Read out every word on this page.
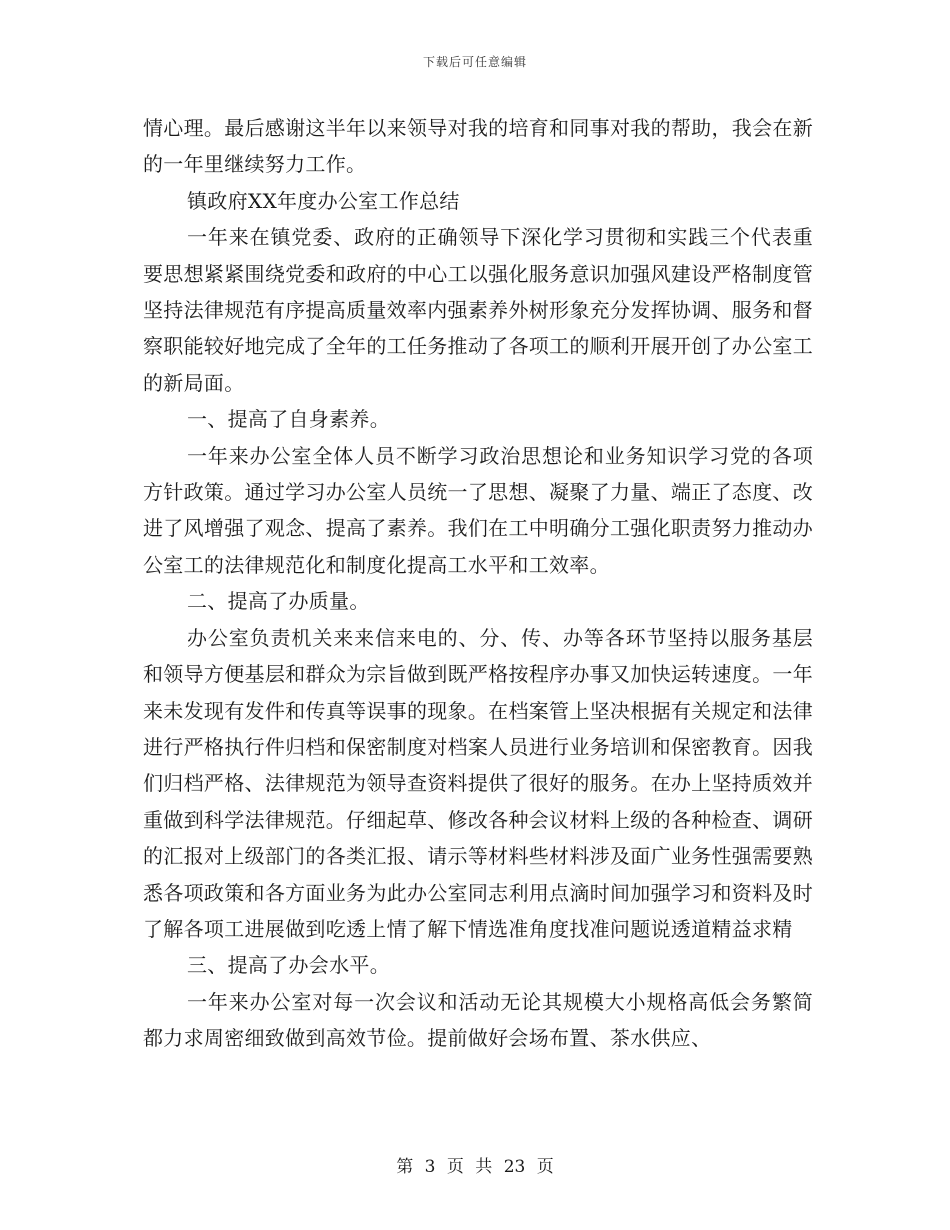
下载后可任意编辑

情心理。最后感谢这半年以来领导对我的培育和同事对我的帮助，我会在新的一年里继续努力工作。

镇政府XX年度办公室工作总结

一年来在镇党委、政府的正确领导下深化学习贯彻和实践三个代表重要思想紧紧围绕党委和政府的中心工以强化服务意识加强风建设严格制度管坚持法律规范有序提高质量效率内强素养外树形象充分发挥协调、服务和督察职能较好地完成了全年的工任务推动了各项工的顺利开展开创了办公室工的新局面。

一、提高了自身素养。

一年来办公室全体人员不断学习政治思想论和业务知识学习党的各项方针政策。通过学习办公室人员统一了思想、凝聚了力量、端正了态度、改进了风增强了观念、提高了素养。我们在工中明确分工强化职责努力推动办公室工的法律规范化和制度化提高工水平和工效率。

二、提高了办质量。

办公室负责机关来来信来电的、分、传、办等各环节坚持以服务基层和领导方便基层和群众为宗旨做到既严格按程序办事又加快运转速度。一年来未发现有发件和传真等误事的现象。在档案管上坚决根据有关规定和法律进行严格执行件归档和保密制度对档案人员进行业务培训和保密教育。因我们归档严格、法律规范为领导查资料提供了很好的服务。在办上坚持质效并重做到科学法律规范。仔细起草、修改各种会议材料上级的各种检查、调研的汇报对上级部门的各类汇报、请示等材料些材料涉及面广业务性强需要熟悉各项政策和各方面业务为此办公室同志利用点滴时间加强学习和资料及时了解各项工进展做到吃透上情了解下情选准角度找准问题说透道精益求精

三、提高了办会水平。

一年来办公室对每一次会议和活动无论其规模大小规格高低会务繁简都力求周密细致做到高效节俭。提前做好会场布置、茶水供应、

第 3 页 共 23 页
